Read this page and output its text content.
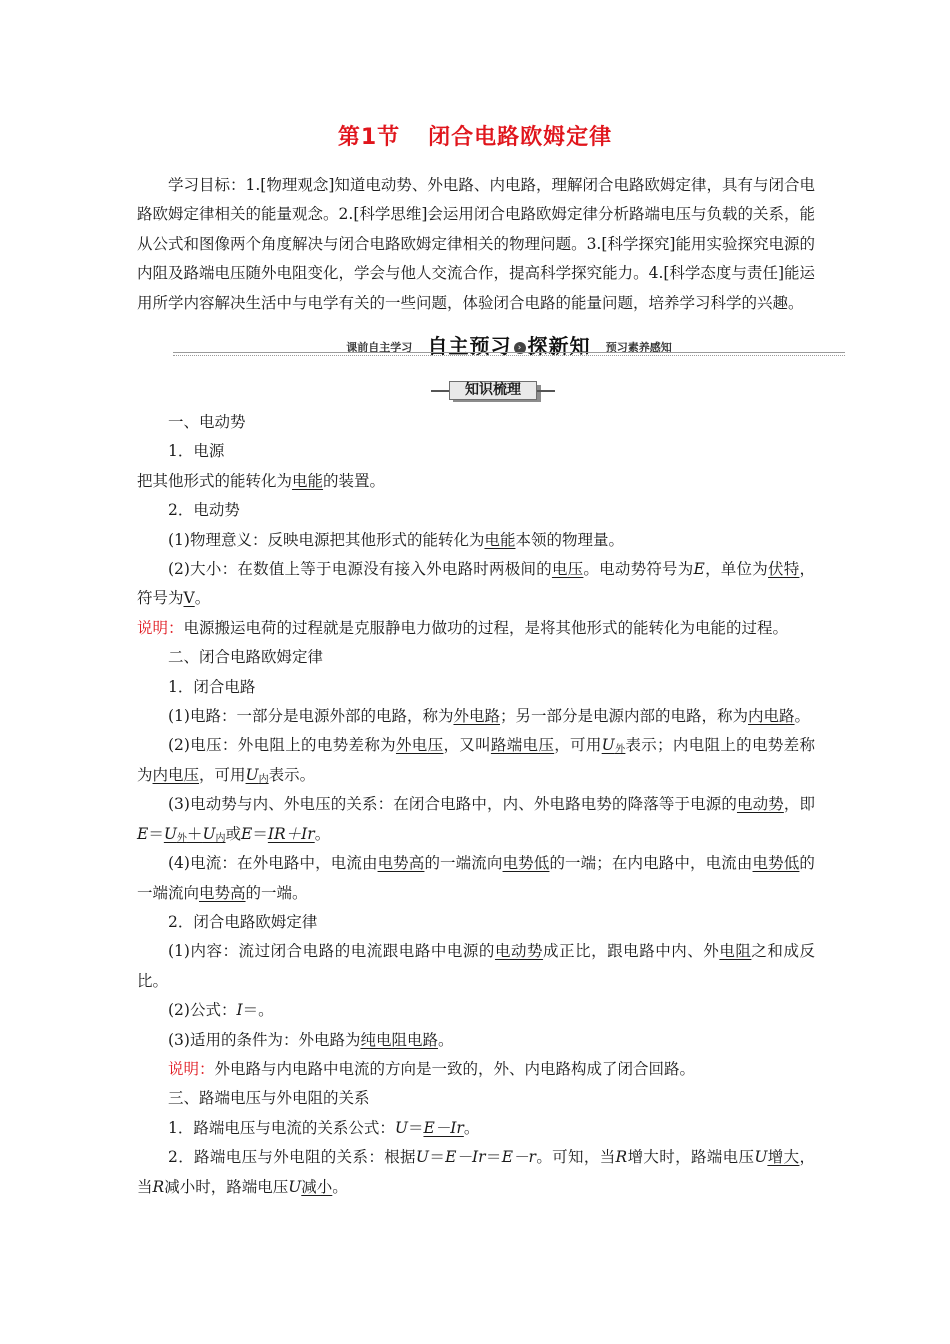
第1节 闭合电路欧姆定律

学习目标：1.[物理观念]知道电动势、外电路、内电路，理解闭合电路欧姆定律，具有与闭合电路欧姆定律相关的能量观念。2.[科学思维]会运用闭合电路欧姆定律分析路端电压与负载的关系，能从公式和图像两个角度解决与闭合电路欧姆定律相关的物理问题。3.[科学探究]能用实验探究电源的内阻及路端电压随外电阻变化，学会与他人交流合作，提高科学探究能力。4.[科学态度与责任]能运用所学内容解决生活中与电学有关的一些问题，体验闭合电路的能量问题，培养学习科学的兴趣。

课前自主学习 自主预习 › 探新知 预习素养感知
知识梳理

一、电动势

1．电源

把其他形式的能转化为电能的装置。

2．电动势

(1)物理意义：反映电源把其他形式的能转化为电能本领的物理量。

(2)大小：在数值上等于电源没有接入外电路时两极间的电压。电动势符号为E，单位为伏特，符号为V。

说明：电源搬运电荷的过程就是克服静电力做功的过程，是将其他形式的能转化为电能的过程。

二、闭合电路欧姆定律

1．闭合电路

(1)电路：一部分是电源外部的电路，称为外电路；另一部分是电源内部的电路，称为内电路。

(2)电压：外电阻上的电势差称为外电压，又叫路端电压，可用$U_外$表示；内电阻上的电势差称为内电压，可用$U_内$表示。

(3)电动势与内、外电压的关系：在闭合电路中，内、外电路电势的降落等于电源的电动势，即$E=U_外+U_内$或E＝IR＋Ir。

(4)电流：在外电路中，电流由电势高的一端流向电势低的一端；在内电路中，电流由电势低的一端流向电势高的一端。

2．闭合电路欧姆定律

(1)内容：流过闭合电路的电流跟电路中电源的电动势成正比，跟电路中内、外电阻之和成反比。

(2)公式：I＝。

(3)适用的条件为：外电路为纯电阻电路。

说明：外电路与内电路中电流的方向是一致的，外、内电路构成了闭合回路。

三、路端电压与外电阻的关系

1．路端电压与电流的关系公式：U＝E－Ir。

2．路端电压与外电阻的关系：根据U＝E－Ir＝E－r。可知，当R增大时，路端电压U增大，当R减小时，路端电压U减小。
